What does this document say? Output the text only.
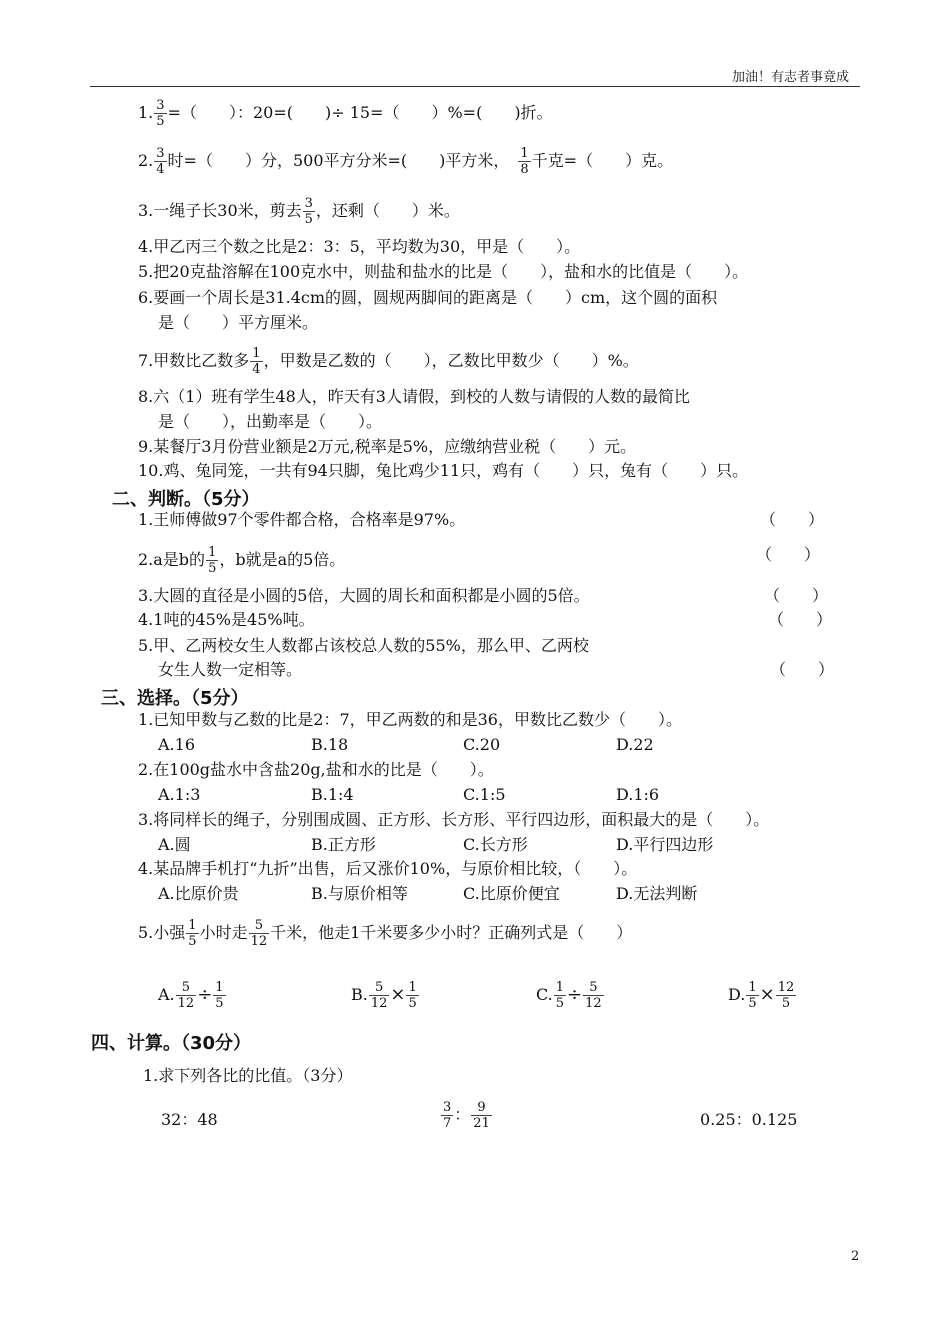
加油！有志者事竟成
1. $\frac{3}{5}$ =（　　）：20=(　　)÷ 15=（　　）%=(　　)折。
2. $\frac{3}{4}$ 时=（　　）分，500平方分米=(　　)平方米， $\frac{1}{8}$ 千克=（　　）克。
3.一绳子长30米，剪去 $\frac{3}{5}$ ，还剩（　　）米。
4.甲乙丙三个数之比是2：3：5，平均数为30，甲是（　　）。
5.把20克盐溶解在100克水中，则盐和盐水的比是（　　），盐和水的比值是（　　）。
6.要画一个周长是31.4cm的圆，圆规两脚间的距离是（　　）cm，这个圆的面积
是（　　）平方厘米。
7.甲数比乙数多 $\frac{1}{4}$ ，甲数是乙数的（　　），乙数比甲数少（　　）%。
8.六（1）班有学生48人，昨天有3人请假，到校的人数与请假的人数的最简比
是（　　），出勤率是（　　）。
9.某餐厅3月份营业额是2万元,税率是5%，应缴纳营业税（　　）元。
10.鸡、兔同笼，一共有94只脚，兔比鸡少11只，鸡有（　　）只，兔有（　　）只。
二、判断。（5分）
1.王师傅做97个零件都合格，合格率是97%。	（　　）
2.a是b的 $\frac{1}{5}$ ，b就是a的5倍。	（　　）
3.大圆的直径是小圆的5倍，大圆的周长和面积都是小圆的5倍。	（　　）
4.1吨的45%是45%吨。	（　　）
5.甲、乙两校女生人数都占该校总人数的55%，那么甲、乙两校
女生人数一定相等。	（　　）
三、选择。（5分）
1.已知甲数与乙数的比是2：7，甲乙两数的和是36，甲数比乙数少（　　）。
A.16	B.18	C.20	D.22
2.在100g盐水中含盐20g,盐和水的比是（　　）。
A.1:3	B.1:4	C.1:5	D.1:6
3.将同样长的绳子，分别围成圆、正方形、长方形、平行四边形，面积最大的是（　　）。
A.圆	B.正方形	C.长方形	D.平行四边形
4.某品牌手机打“九折”出售，后又涨价10%，与原价相比较，（　　）。
A.比原价贵	B.与原价相等	C.比原价便宜	D.无法判断
5.小强 $\frac{1}{5}$ 小时走 $\frac{5}{12}$ 千米，他走1千米要多少小时？正确列式是（　　）
A. $\frac{5}{12} \div \frac{1}{5}$	B. $\frac{5}{12} \times \frac{1}{5}$	C. $\frac{1}{5} \div \frac{5}{12}$	D. $\frac{1}{5} \times \frac{12}{5}$
四、计算。（30分）
1.求下列各比的比值。（3分）
32：48	$\frac{3}{7}$ ： $\frac{9}{21}$	0.25：0.125
2
